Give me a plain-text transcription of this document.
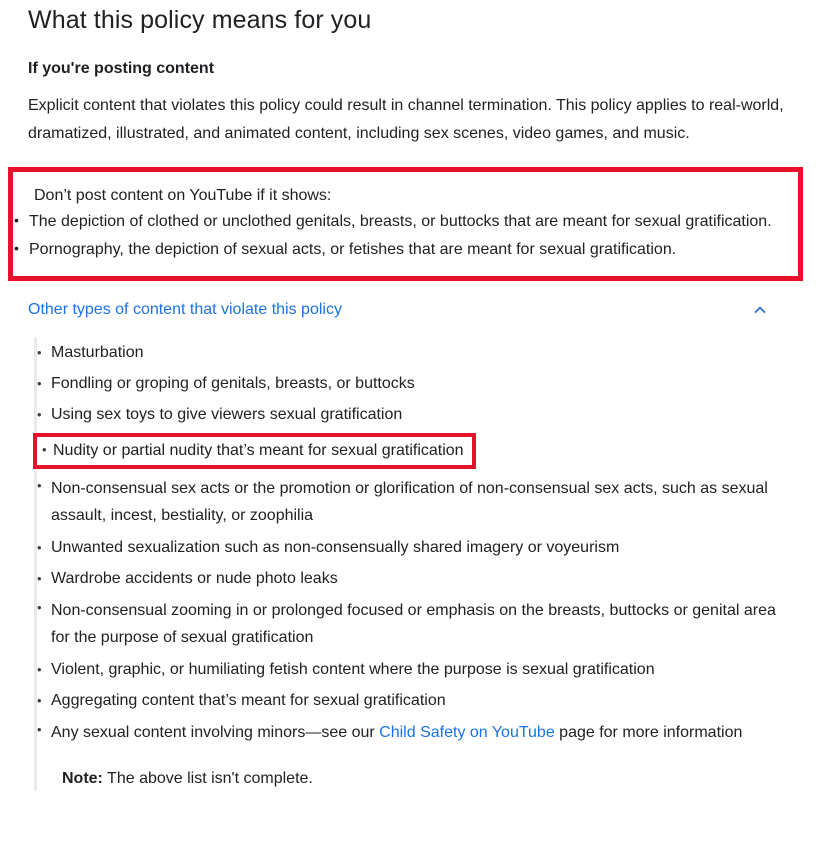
What this policy means for you
If you're posting content

Explicit content that violates this policy could result in channel termination. This policy applies to real-world, dramatized, illustrated, and animated content, including sex scenes, video games, and music.

Don’t post content on YouTube if it shows:

• The depiction of clothed or unclothed genitals, breasts, or buttocks that are meant for sexual gratification.
• Pornography, the depiction of sexual acts, or fetishes that are meant for sexual gratification.
Other types of content that violate this policy
• Masturbation
• Fondling or groping of genitals, breasts, or buttocks
• Using sex toys to give viewers sexual gratification
• Nudity or partial nudity that’s meant for sexual gratification
• Non-consensual sex acts or the promotion or glorification of non-consensual sex acts, such as sexual assault, incest, bestiality, or zoophilia
• Unwanted sexualization such as non-consensually shared imagery or voyeurism
• Wardrobe accidents or nude photo leaks
• Non-consensual zooming in or prolonged focused or emphasis on the breasts, buttocks or genital area for the purpose of sexual gratification
• Violent, graphic, or humiliating fetish content where the purpose is sexual gratification
• Aggregating content that’s meant for sexual gratification
• Any sexual content involving minors—see our Child Safety on YouTube page for more information

Note: The above list isn't complete.
